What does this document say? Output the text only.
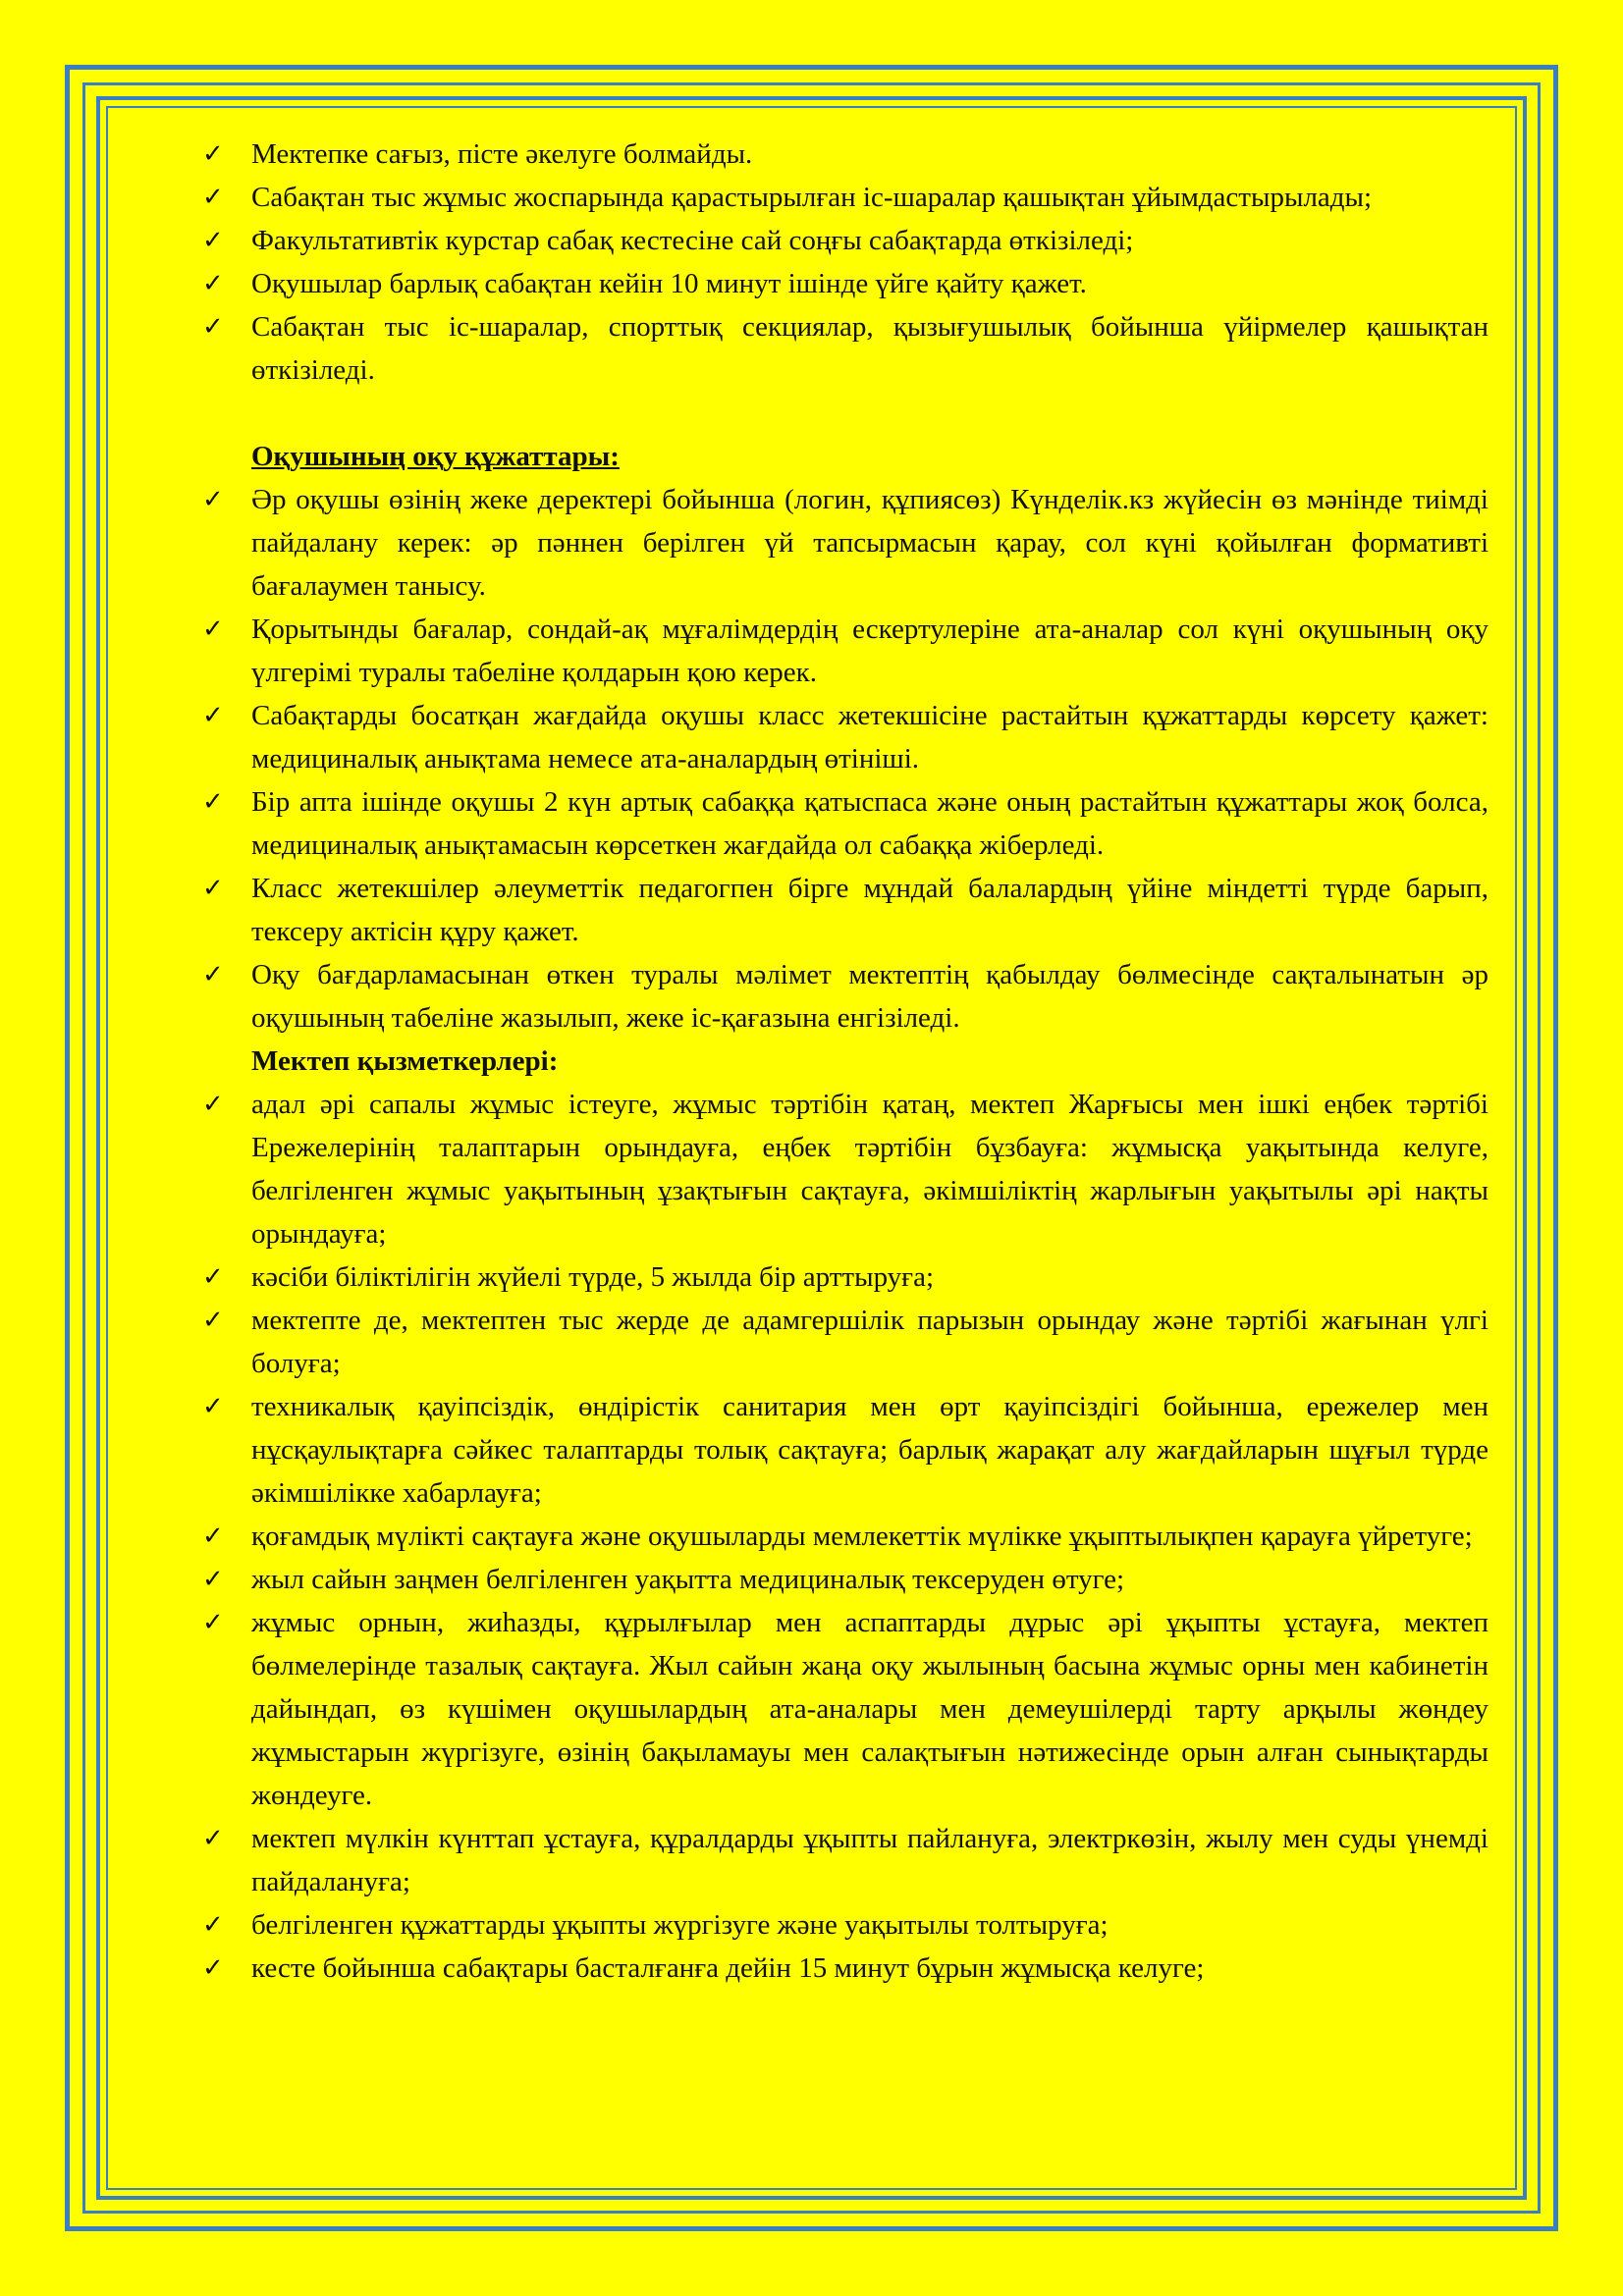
✓ Мектепке сағыз, пісте әкелуге болмайды.
✓ Сабақтан тыс жұмыс жоспарында қарастырылған іс-шаралар қашықтан ұйымдастырылады;
✓ Факультативтік курстар сабақ кестесіне сай соңғы сабақтарда өткізіледі;
✓ Оқушылар барлық сабақтан кейін 10 минут ішінде үйге қайту қажет.
✓ Сабақтан тыс іс-шаралар, спорттық секциялар, қызығушылық бойынша үйірмелер қашықтан өткізіледі.
Оқушының оқу құжаттары:
✓ Әр оқушы өзінің жеке деректері бойынша (логин, құпиясөз) Күнделік.кз жүйесін өз мәнінде тиімді пайдалану керек: әр пәннен берілген үй тапсырмасын қарау, сол күні қойылған формативті бағалаумен танысу.
✓ Қорытынды бағалар, сондай-ақ мұғалімдердің ескертулеріне ата-аналар сол күні оқушының оқу үлгерімі туралы табеліне қолдарын қою керек.
✓ Сабақтарды босатқан жағдайда оқушы класс жетекшісіне растайтын құжаттарды көрсету қажет: медициналық анықтама немесе ата-аналардың өтініші.
✓ Бір апта ішінде оқушы 2 күн артық сабаққа қатыспаса және оның растайтын құжаттары жоқ болса, медициналық анықтамасын көрсеткен жағдайда ол сабаққа жіберледі.
✓ Класс жетекшілер әлеуметтік педагогпен бірге мұндай балалардың үйіне міндетті түрде барып, тексеру актісін құру қажет.
✓ Оқу бағдарламасынан өткен туралы мәлімет мектептің қабылдау бөлмесінде сақталынатын әр оқушының табеліне жазылып, жеке іс-қағазына енгізіледі.
Мектеп қызметкерлері:
✓ адал әрі сапалы жұмыс істеуге, жұмыс тәртібін қатаң, мектеп Жарғысы мен ішкі еңбек тәртібі Ережелерінің талаптарын орындауға, еңбек тәртібін бұзбауға: жұмысқа уақытында келуге, белгіленген жұмыс уақытының ұзақтығын сақтауға, әкімшіліктің жарлығын уақытылы әрі нақты орындауға;
✓ кәсіби біліктілігін жүйелі түрде, 5 жылда бір арттыруға;
✓ мектепте де, мектептен тыс жерде де адамгершілік парызын орындау және тәртібі жағынан үлгі болуға;
✓ техникалық қауіпсіздік, өндірістік санитария мен өрт қауіпсіздігі бойынша, ережелер мен нұсқаулықтарға сәйкес талаптарды толық сақтауға; барлық жарақат алу жағдайларын шұғыл түрде әкімшілікке хабарлауға;
✓ қоғамдық мүлікті сақтауға және оқушыларды мемлекеттік мүлікке ұқыптылықпен қарауға үйретуге;
✓ жыл сайын заңмен белгіленген уақытта медициналық тексеруден өтуге;
✓ жұмыс орнын, жиһазды, құрылғылар мен аспаптарды дұрыс әрі ұқыпты ұстауға, мектеп бөлмелерінде тазалық сақтауға. Жыл сайын жаңа оқу жылының басына жұмыс орны мен кабинетін дайындап, өз күшімен оқушылардың ата-аналары мен демеушілерді тарту арқылы жөндеу жұмыстарын жүргізуге, өзінің бақыламауы мен салақтығын нәтижесінде орын алған сынықтарды жөндеуге.
✓ мектеп мүлкін күнттап ұстауға, құралдарды ұқыпты пайлануға, электркөзін, жылу мен суды үнемді пайдалануға;
✓ белгіленген құжаттарды ұқыпты жүргізуге және уақытылы толтыруға;
✓ кесте бойынша сабақтары басталғанға дейін 15 минут бұрын жұмысқа келуге;
